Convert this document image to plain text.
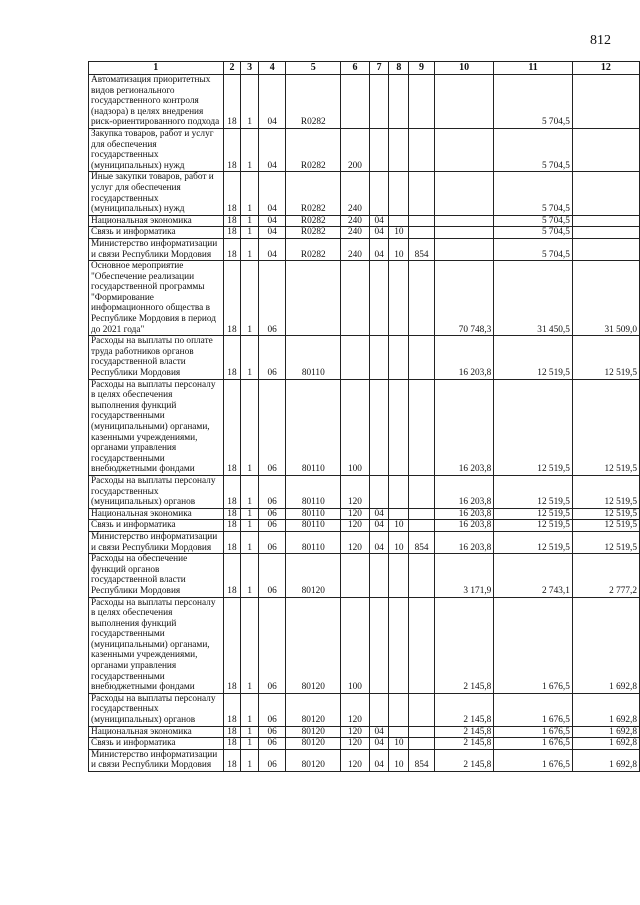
812
1	2	3	4	5	6	7	8	9	10	11	12
Автоматизация приоритетных видов регионального государственного контроля (надзора) в целях внедрения риск-ориентированного подхода	18	1	04	R0282						5 704,5	
Закупка товаров, работ и услуг для обеспечения государственных (муниципальных) нужд	18	1	04	R0282	200					5 704,5	
Иные закупки товаров, работ и услуг для обеспечения государственных (муниципальных) нужд	18	1	04	R0282	240					5 704,5	
Национальная экономика	18	1	04	R0282	240	04				5 704,5	
Связь и информатика	18	1	04	R0282	240	04	10			5 704,5	
Министерство информатизации и связи Республики Мордовия	18	1	04	R0282	240	04	10	854		5 704,5	
Основное мероприятие "Обеспечение реализации государственной программы "Формирование информационного общества в Республике Мордовия в период до 2021 года"	18	1	06						70 748,3	31 450,5	31 509,0
Расходы на выплаты по оплате труда работников органов государственной власти Республики Мордовия	18	1	06	80110					16 203,8	12 519,5	12 519,5
Расходы на выплаты персоналу в целях обеспечения выполнения функций государственными (муниципальными) органами, казенными учреждениями, органами управления государственными внебюджетными фондами	18	1	06	80110	100				16 203,8	12 519,5	12 519,5
Расходы на выплаты персоналу государственных (муниципальных) органов	18	1	06	80110	120				16 203,8	12 519,5	12 519,5
Национальная экономика	18	1	06	80110	120	04			16 203,8	12 519,5	12 519,5
Связь и информатика	18	1	06	80110	120	04	10		16 203,8	12 519,5	12 519,5
Министерство информатизации и связи Республики Мордовия	18	1	06	80110	120	04	10	854	16 203,8	12 519,5	12 519,5
Расходы на обеспечение функций органов государственной власти Республики Мордовия	18	1	06	80120					3 171,9	2 743,1	2 777,2
Расходы на выплаты персоналу в целях обеспечения выполнения функций государственными (муниципальными) органами, казенными учреждениями, органами управления государственными внебюджетными фондами	18	1	06	80120	100				2 145,8	1 676,5	1 692,8
Расходы на выплаты персоналу государственных (муниципальных) органов	18	1	06	80120	120				2 145,8	1 676,5	1 692,8
Национальная экономика	18	1	06	80120	120	04			2 145,8	1 676,5	1 692,8
Связь и информатика	18	1	06	80120	120	04	10		2 145,8	1 676,5	1 692,8
Министерство информатизации и связи Республики Мордовия	18	1	06	80120	120	04	10	854	2 145,8	1 676,5	1 692,8
